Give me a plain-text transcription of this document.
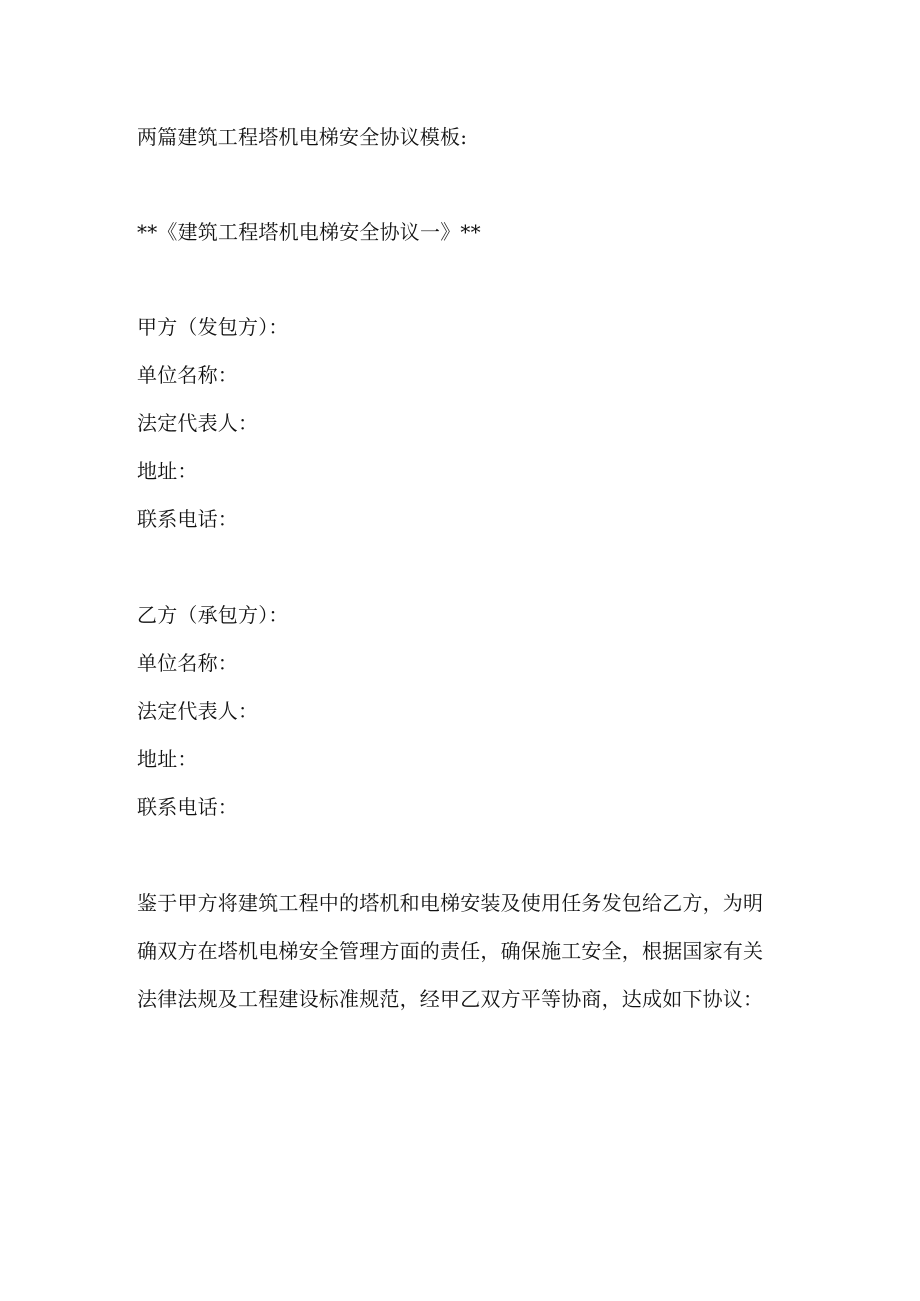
两篇建筑工程塔机电梯安全协议模板:
**《建筑工程塔机电梯安全协议一》**
甲方（发包方）：
单位名称：
法定代表人：
地址：
联系电话：
乙方（承包方）：
单位名称：
法定代表人：
地址：
联系电话：
鉴于甲方将建筑工程中的塔机和电梯安装及使用任务发包给乙方，为明
确双方在塔机电梯安全管理方面的责任，确保施工安全，根据国家有关
法律法规及工程建设标准规范，经甲乙双方平等协商，达成如下协议：
